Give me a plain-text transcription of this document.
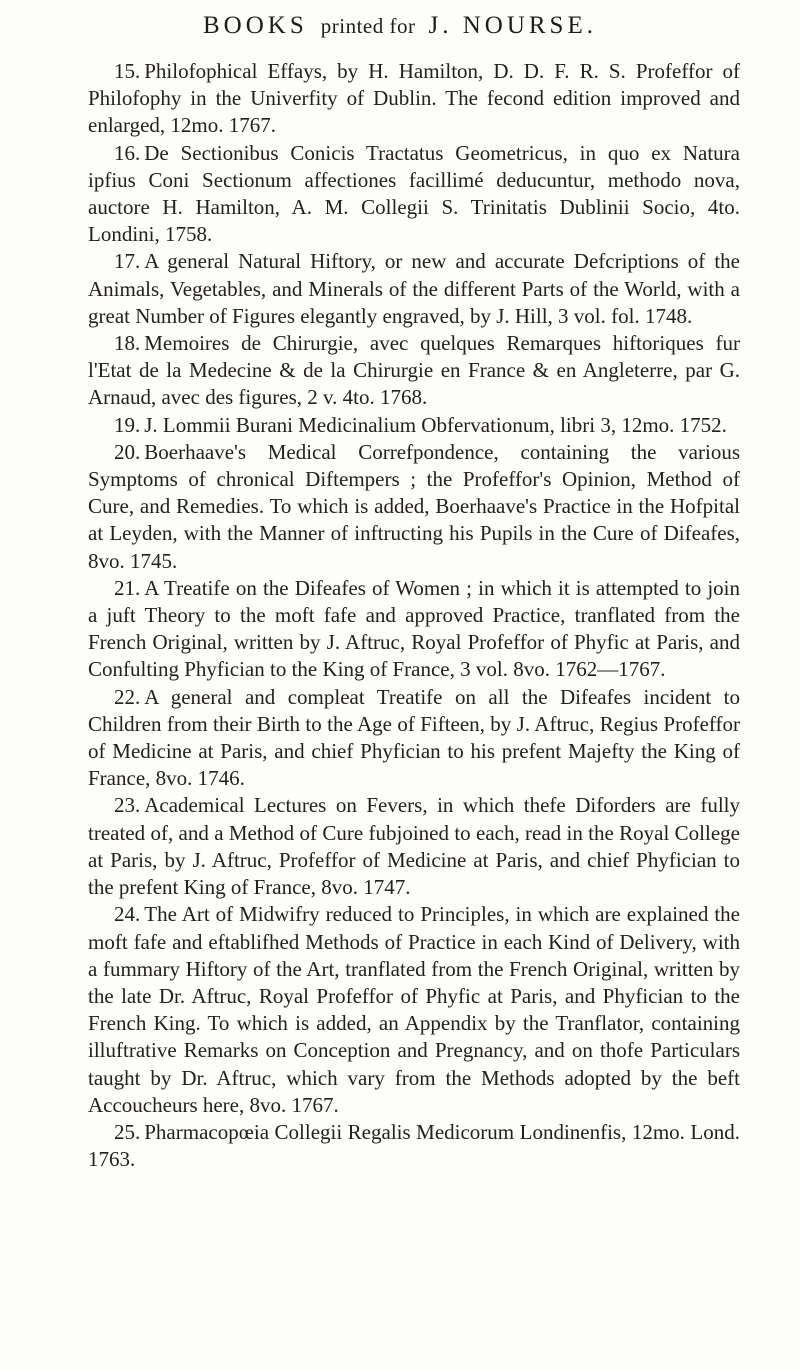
BOOKS printed for J. NOURSE.

15. Philofophical Effays, by H. Hamilton, D. D. F. R. S. Profeffor of Philofophy in the Univerfity of Dublin. The fecond edition improved and enlarged, 12mo. 1767.

16. De Sectionibus Conicis Tractatus Geometricus, in quo ex Natura ipfius Coni Sectionum affectiones facillimé deducuntur, methodo nova, auctore H. Hamilton, A. M. Collegii S. Trinitatis Dublinii Socio, 4to. Londini, 1758.

17. A general Natural Hiftory, or new and accurate Defcriptions of the Animals, Vegetables, and Minerals of the different Parts of the World, with a great Number of Figures elegantly engraved, by J. Hill, 3 vol. fol. 1748.

18. Memoires de Chirurgie, avec quelques Remarques hiftoriques fur l'Etat de la Medecine & de la Chirurgie en France & en Angleterre, par G. Arnaud, avec des figures, 2 v. 4to. 1768.

19. J. Lommii Burani Medicinalium Obfervationum, libri 3, 12mo. 1752.

20. Boerhaave's Medical Correfpondence, containing the various Symptoms of chronical Diftempers ; the Profeffor's Opinion, Method of Cure, and Remedies. To which is added, Boerhaave's Practice in the Hofpital at Leyden, with the Manner of inftructing his Pupils in the Cure of Difeafes, 8vo. 1745.

21. A Treatife on the Difeafes of Women ; in which it is attempted to join a juft Theory to the moft fafe and approved Practice, tranflated from the French Original, written by J. Aftruc, Royal Profeffor of Phyfic at Paris, and Confulting Phyfician to the King of France, 3 vol. 8vo. 1762—1767.

22. A general and compleat Treatife on all the Difeafes incident to Children from their Birth to the Age of Fifteen, by J. Aftruc, Regius Profeffor of Medicine at Paris, and chief Phyfician to his prefent Majefty the King of France, 8vo. 1746.

23. Academical Lectures on Fevers, in which thefe Diforders are fully treated of, and a Method of Cure fubjoined to each, read in the Royal College at Paris, by J. Aftruc, Profeffor of Medicine at Paris, and chief Phyfician to the prefent King of France, 8vo. 1747.

24. The Art of Midwifry reduced to Principles, in which are explained the moft fafe and eftablifhed Methods of Practice in each Kind of Delivery, with a fummary Hiftory of the Art, tranflated from the French Original, written by the late Dr. Aftruc, Royal Profeffor of Phyfic at Paris, and Phyfician to the French King. To which is added, an Appendix by the Tranflator, containing illuftrative Remarks on Conception and Pregnancy, and on thofe Particulars taught by Dr. Aftruc, which vary from the Methods adopted by the beft Accoucheurs here, 8vo. 1767.

25. Pharmacopœia Collegii Regalis Medicorum Londinenfis, 12mo. Lond. 1763.
